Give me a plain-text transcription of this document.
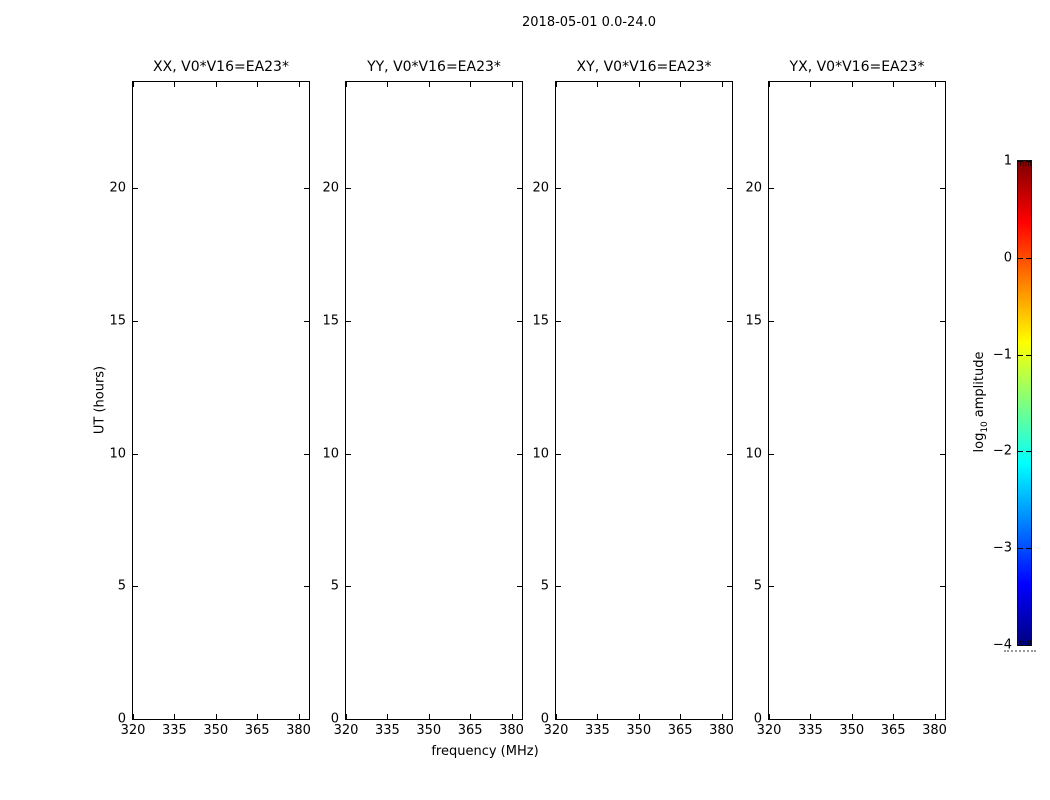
2018-05-01 0.0-24.0
XX, V0*V16=EA23*
320 335 350 365 380
0
5
10
15
20
YY, V0*V16=EA23*
320 335 350 365 380
0
5
10
15
20
XY, V0*V16=EA23*
320 335 350 365 380
0
5
10
15
20
YX, V0*V16=EA23*
320 335 350 365 380
0
5
10
15
20
UT (hours)
frequency (MHz)
1
0
−1
−2
−3
−4
$\log_{10}amplitude$
